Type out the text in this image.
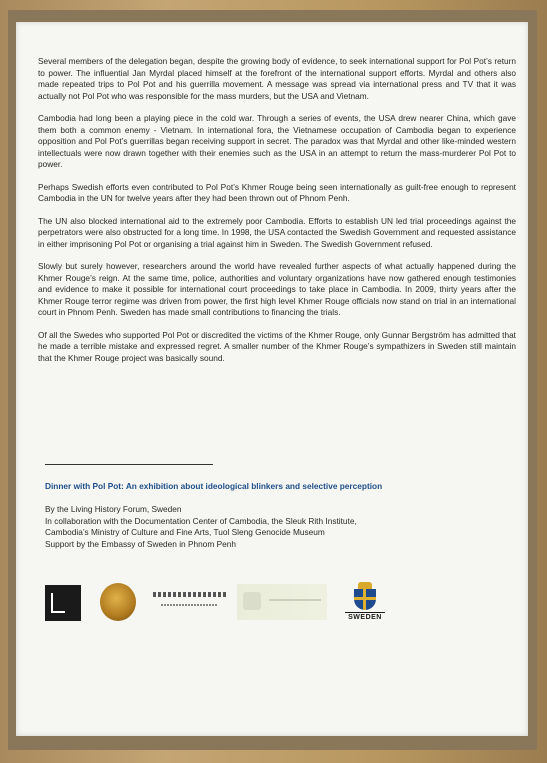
Several members of the delegation began, despite the growing body of evidence, to seek international support for Pol Pot’s return to power. The influential Jan Myrdal placed himself at the forefront of the international support efforts. Myrdal and others also made repeated trips to Pol Pot and his guerrilla movement. A message was spread via international press and TV that it was actually not Pol Pot who was responsible for the mass murders, but the USA and Vietnam.

Cambodia had long been a playing piece in the cold war. Through a series of events, the USA drew nearer China, which gave them both a common enemy - Vietnam. In international fora, the Vietnamese occupation of Cambodia began to experience opposition and Pol Pot’s guerrillas began receiving support in secret. The paradox was that Myrdal and other like-minded western intellectuals were now drawn together with their enemies such as the USA in an attempt to return the mass-murderer Pol Pot to power.

Perhaps Swedish efforts even contributed to Pol Pot’s Khmer Rouge being seen internationally as guilt-free enough to represent Cambodia in the UN for twelve years after they had been thrown out of Phnom Penh.

The UN also blocked international aid to the extremely poor Cambodia. Efforts to establish UN led trial proceedings against the perpetrators were also obstructed for a long time. In 1998, the USA contacted the Swedish Government and requested assistance in either imprisoning Pol Pot or organising a trial against him in Sweden. The Swedish Government refused.

Slowly but surely however, researchers around the world have revealed further aspects of what actually happened during the Khmer Rouge’s reign. At the same time, police, authorities and voluntary organizations have now gathered enough testimonies and evidence to make it possible for international court proceedings to take place in Cambodia. In 2009, thirty years after the Khmer Rouge terror regime was driven from power, the first high level Khmer Rouge officials now stand on trial in an international court in Phnom Penh. Sweden has made small contributions to financing the trials.

Of all the Swedes who supported Pol Pot or discredited the victims of the Khmer Rouge, only Gunnar Bergström has admitted that he made a terrible mistake and expressed regret. A smaller number of the Khmer Rouge’s sympathizers in Sweden still maintain that the Khmer Rouge project was basically sound.

Dinner with Pol Pot: An exhibition about ideological blinkers and selective perception
By the Living History Forum, Sweden
In collaboration with the Documentation Center of Cambodia, the Sleuk Rith Institute,
Cambodia’s Ministry of Culture and Fine Arts, Tuol Sleng Genocide Museum
Support by the Embassy of Sweden in Phnom Penh
SWEDEN
